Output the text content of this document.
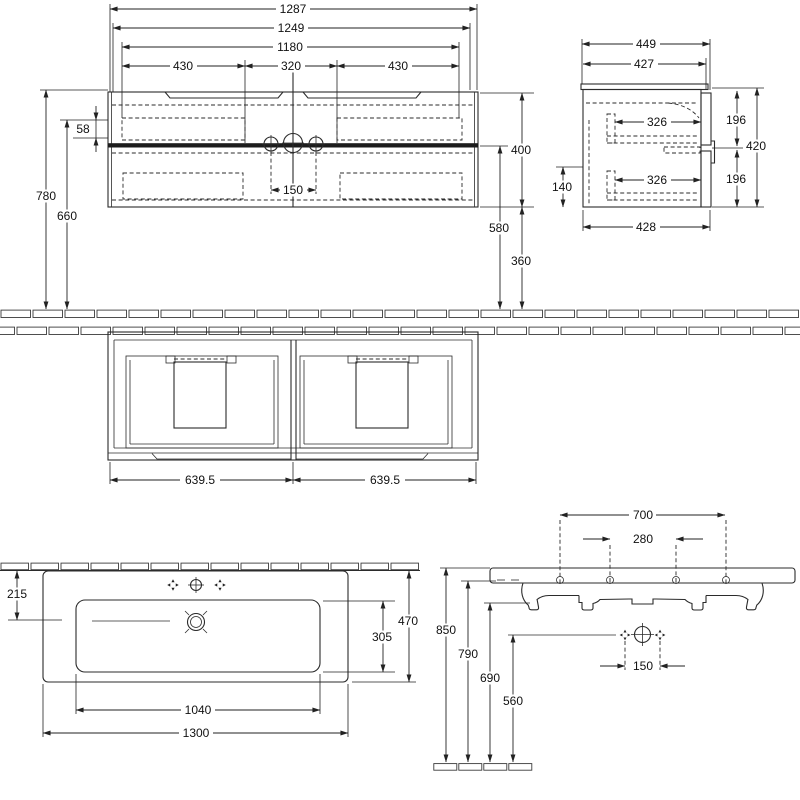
1287
1249
1180
430	320	430
58
780
660
150
400
580
360
449
427
326
326
196
196
420
140
428
639.5	639.5
215
470
305
1040
1300
700
280
150
850
790
690
560
